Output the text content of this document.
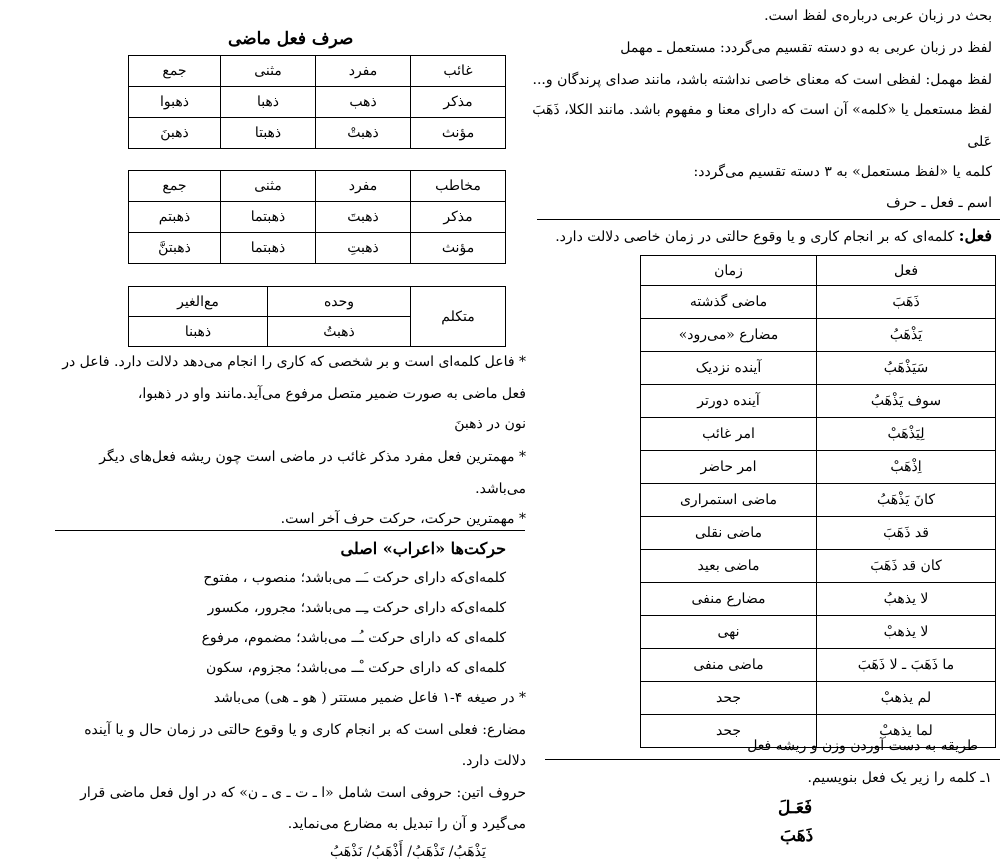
بحث در زبان عربی درباره‌ی لفظ است.
لفظ در زبان عربی به دو دسته تقسیم می‌گردد: مستعمل ـ مهمل
لفظ مهمل: لفظی است که معنای خاصی نداشته باشد، مانند صدای پرندگان و...
لفظ مستعمل یا «کلمه» آن است که دارای معنا و مفهوم باشد. مانند الکلا، ذَهَبَ
عَلی
کلمه یا «لفظ مستعمل» به ۳ دسته تقسیم می‌گردد:
اسم ـ فعل ـ حرف
فعل: کلمه‌ای که بر انجام کاری و یا وقوع حالتی در زمان خاصی دلالت دارد.
فعل	زمان
ذَهَبَ	ماضی گذشته
یَذْهَبُ	مضارع «می‌رود»
سَیَذْهَبُ	آینده نزدیک
سوف یَذْهَبُ	آینده دورتر
لِیَذْهَبْ	امر غائب
اِذْهَبْ	امر حاضر
کانَ یَذْهَبُ	ماضی استمراری
قد ذَهَبَ	ماضی نقلی
کان قد ذَهَبَ	ماضی بعید
لا یذهبُ	مضارع منفی
لا یذهبْ	نهی
ما ذَهَبَ ـ لا ذَهَبَ	ماضی منفی
لم یذهبْ	جحد
لما یذهبْ	جحد
طریقه به دست آوردن وزن و ریشه فعل
۱ـ کلمه را زیر یک فعل بنویسیم.
فَعَـلَ
ذَهَبَ
صرف فعل ماضی
غائب	مفرد	مثنی	جمع
مذکر	ذهب	ذهبا	ذهبوا
مؤنث	ذهبتْ	ذهبتا	ذهبنَ
مخاطب	مفرد	مثنی	جمع
مذکر	ذهبتَ	ذهبتما	ذهبتم
مؤنث	ذهبتِ	ذهبتما	ذهبتنَّ
متکلم	وحده	مع‌الغیر
	ذهبتُ	ذهبنا
* فاعل کلمه‌ای است و بر شخصی که کاری را انجام می‌دهد دلالت دارد. فاعل در
فعل ماضی به صورت ضمیر متصل مرفوع می‌آید.مانند واو در ذهبوا،
نون در ذهبنَ
* مهمترین فعل مفرد مذکر غائب در ماضی است چون ریشه فعل‌های دیگر
می‌باشد.
* مهمترین حرکت، حرکت حرف آخر است.
حرکت‌ها «اعراب» اصلی
کلمه‌ای‌که دارای حرکت ـَــ می‌باشد؛ منصوب ، مفتوح
کلمه‌ای‌که دارای حرکت ـِــ می‌باشد؛ مجرور، مکسور
کلمه‌ای که دارای حرکت ـُــ می‌باشد؛ مضموم، مرفوع
کلمه‌ای که دارای حرکت ـْــ می‌باشد؛ مجزوم، سکون
* در صیغه ۴-۱ فاعل ضمیر مستتر ( هو ـ هی) می‌باشد
مضارع: فعلی است که بر انجام کاری و یا وقوع حالتی در زمان حال و یا آینده
دلالت دارد.
حروف اتین: حروفی است شامل «ا ـ ت ـ ی ـ ن» که در اول فعل ماضی قرار
می‌گیرد و آن را تبدیل به مضارع می‌نماید.
یَذْهَبُ/ تَذْهَبُ/ أَذْهَبُ/ نَذْهَبُ
